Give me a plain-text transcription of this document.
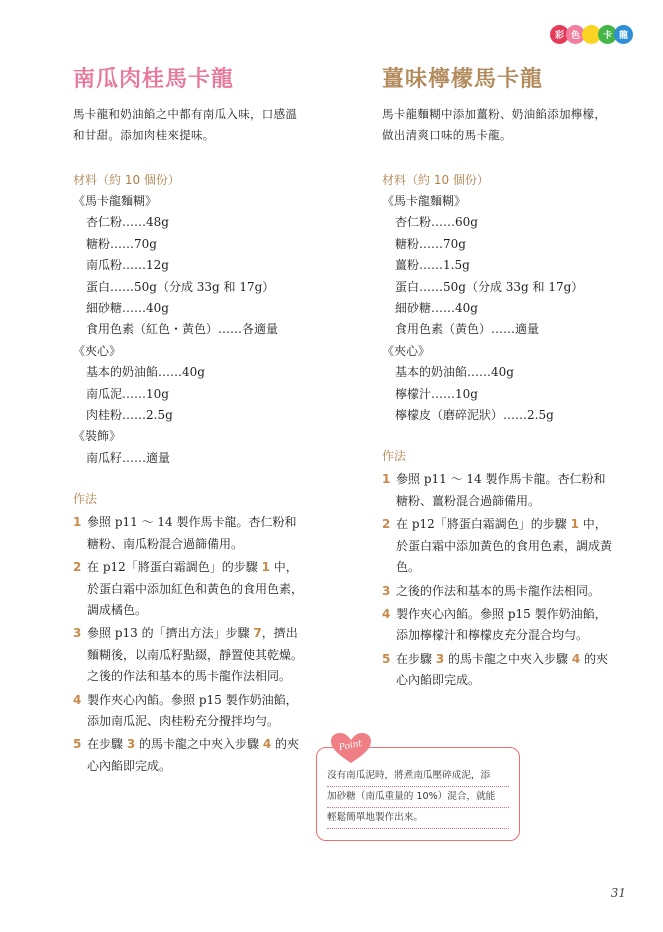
彩 色	卡 龍
南瓜肉桂馬卡龍

馬卡龍和奶油餡之中都有南瓜入味，口感溫和甘甜。添加肉桂來提味。

材料（約 10 個份）
《馬卡龍麵糊》
杏仁粉……48g
糖粉……70g
南瓜粉……12g
蛋白……50g（分成 33g 和 17g）
細砂糖……40g
食用色素（紅色・黃色）……各適量
《夾心》
基本的奶油餡……40g
南瓜泥……10g
肉桂粉……2.5g
《裝飾》
南瓜籽……適量
作法
1 參照 p11 ～ 14 製作馬卡龍。杏仁粉和糖粉、南瓜粉混合過篩備用。
2 在 p12「將蛋白霜調色」的步驟 1 中，於蛋白霜中添加紅色和黃色的食用色素，調成橘色。
3 參照 p13 的「擠出方法」步驟 7，擠出麵糊後，以南瓜籽點綴，靜置使其乾燥。之後的作法和基本的馬卡龍作法相同。
4 製作夾心內餡。參照 p15 製作奶油餡，添加南瓜泥、肉桂粉充分攪拌均勻。
5 在步驟 3 的馬卡龍之中夾入步驟 4 的夾心內餡即完成。
薑味檸檬馬卡龍

馬卡龍麵糊中添加薑粉、奶油餡添加檸檬，做出清爽口味的馬卡龍。

材料（約 10 個份）
《馬卡龍麵糊》
杏仁粉……60g
糖粉……70g
薑粉……1.5g
蛋白……50g（分成 33g 和 17g）
細砂糖……40g
食用色素（黃色）……適量
《夾心》
基本的奶油餡……40g
檸檬汁……10g
檸檬皮（磨碎泥狀）……2.5g
作法
1 參照 p11 ～ 14 製作馬卡龍。杏仁粉和糖粉、薑粉混合過篩備用。
2 在 p12「將蛋白霜調色」的步驟 1 中，於蛋白霜中添加黃色的食用色素，調成黃色。
3 之後的作法和基本的馬卡龍作法相同。
4 製作夾心內餡。參照 p15 製作奶油餡，添加檸檬汁和檸檬皮充分混合均勻。
5 在步驟 3 的馬卡龍之中夾入步驟 4 的夾心內餡即完成。
Point
沒有南瓜泥時，將煮南瓜壓碎成泥，添
加砂糖（南瓜重量的 10%）混合，就能
輕鬆簡單地製作出來。
31
